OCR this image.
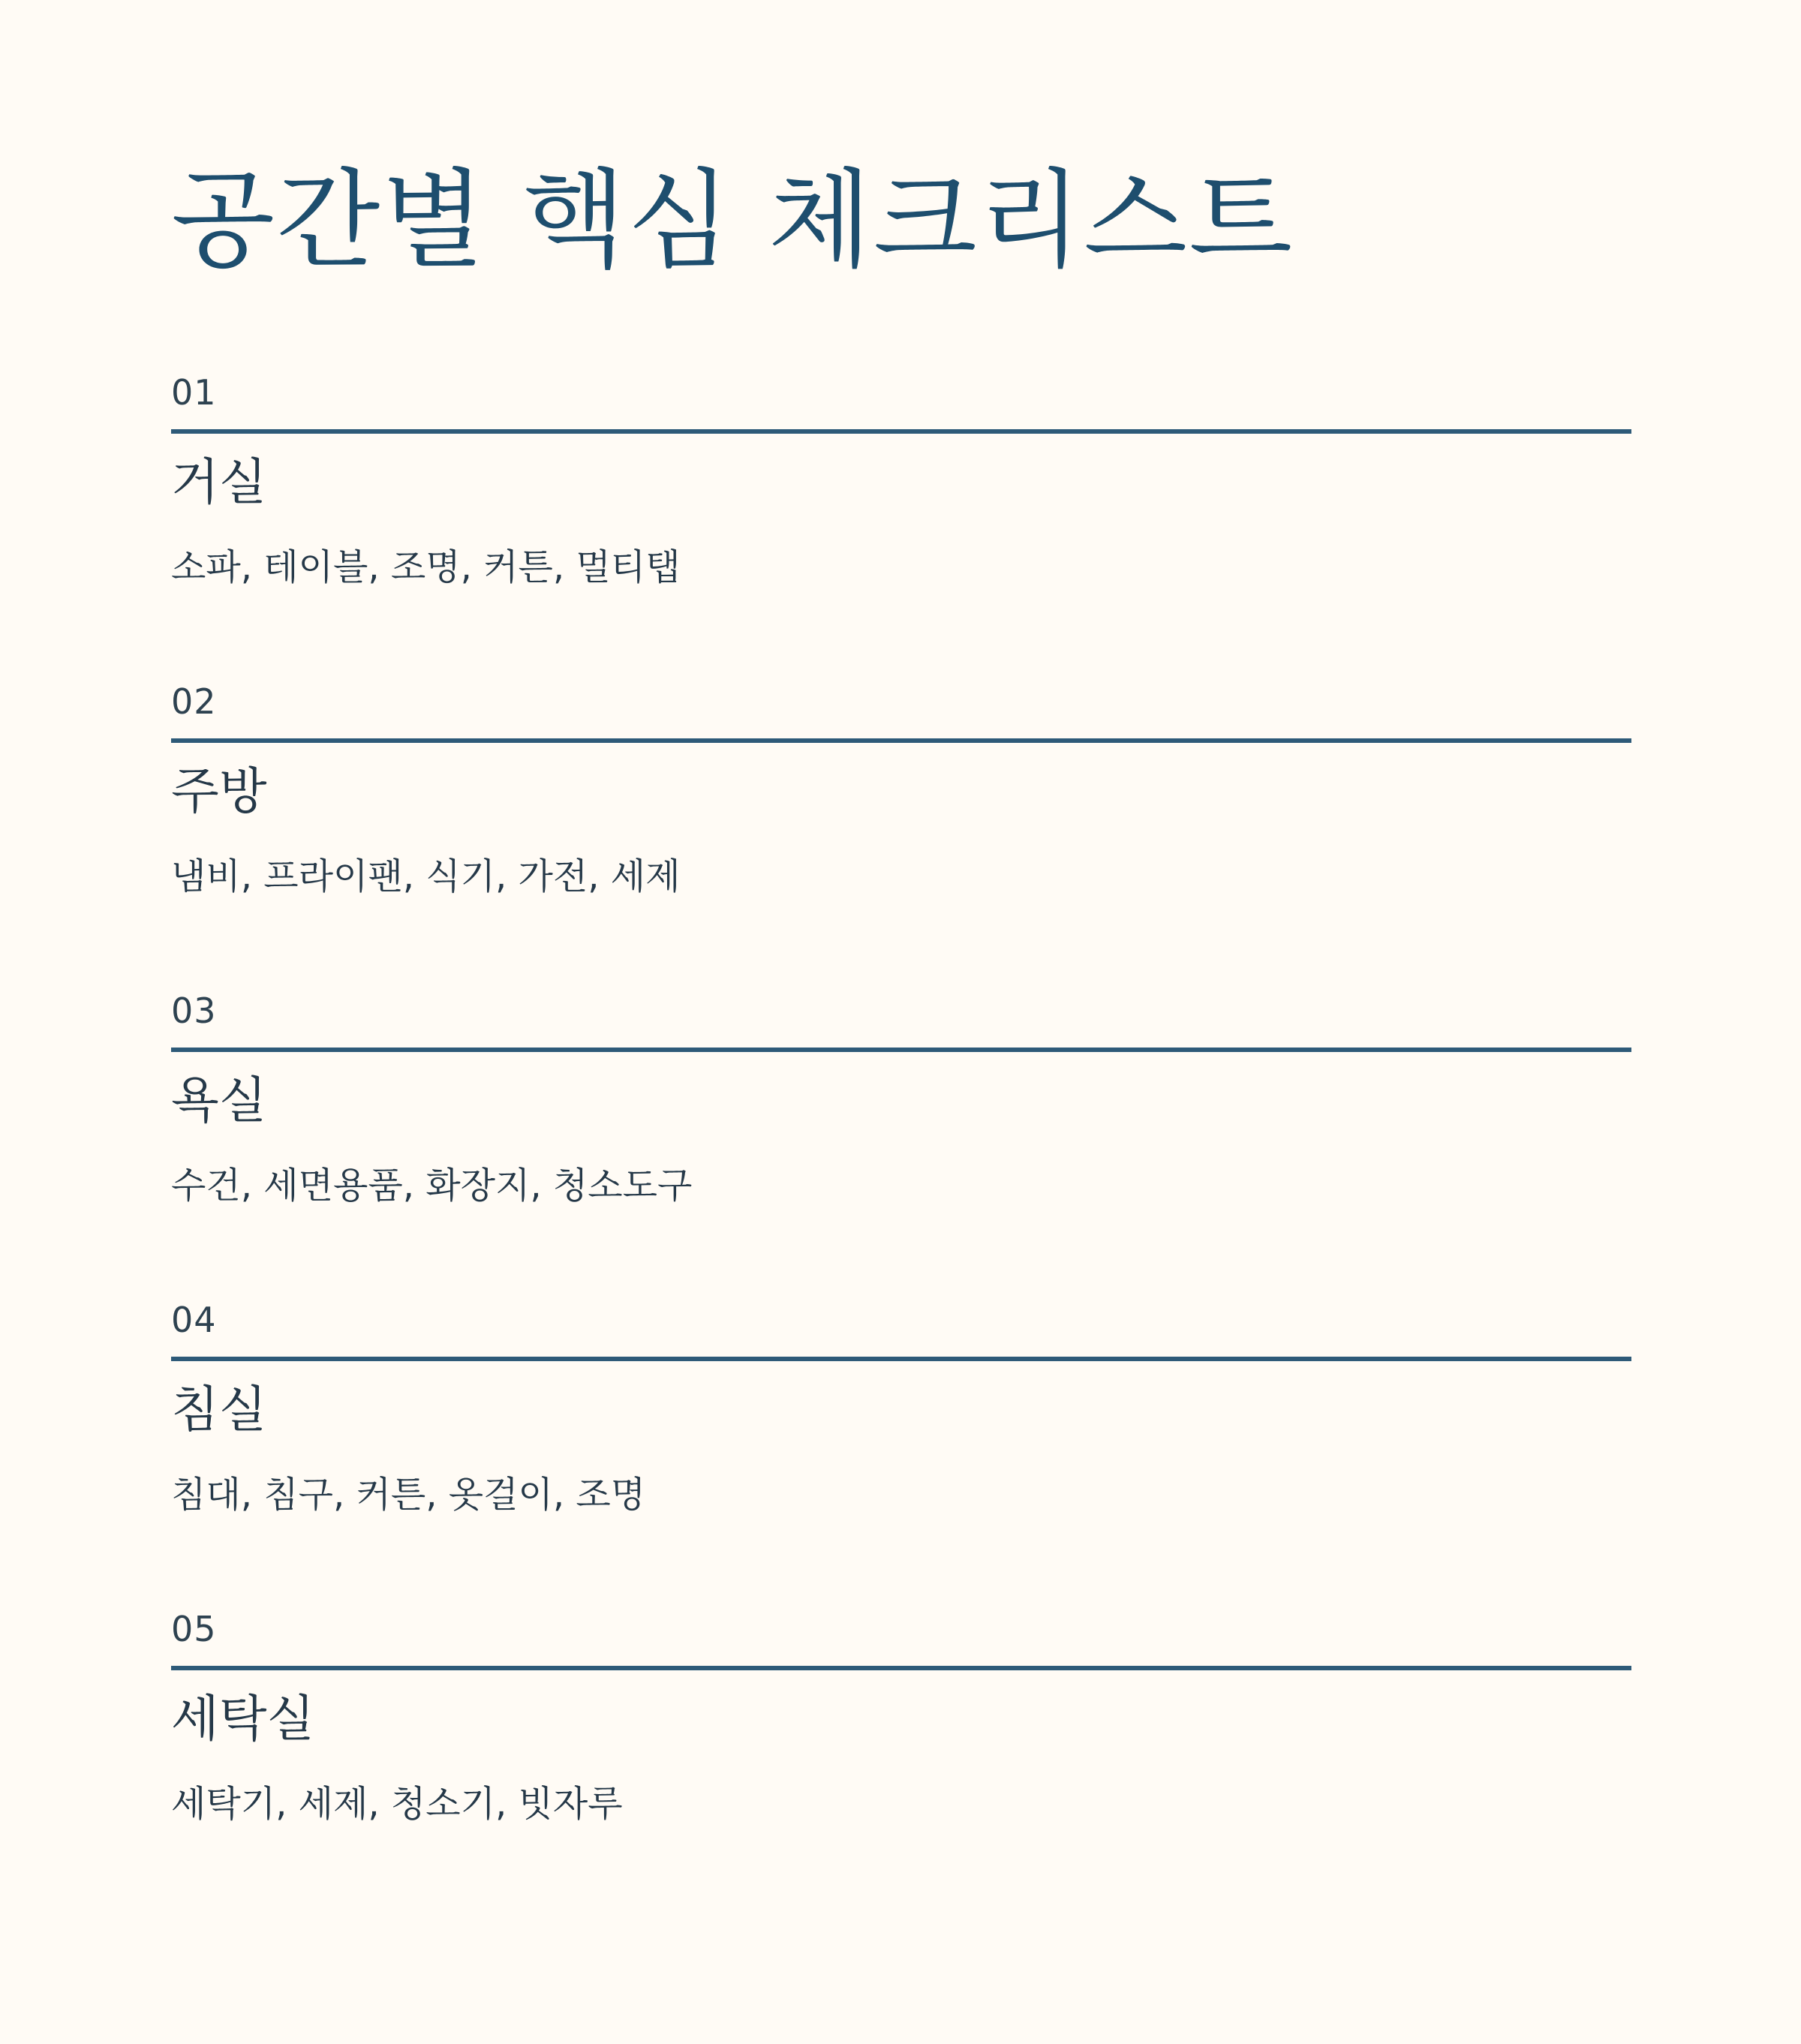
공간별 핵심 체크리스트
01
거실
소파, 테이블, 조명, 커튼, 멀티탭
02
주방
냄비, 프라이팬, 식기, 가전, 세제
03
욕실
수건, 세면용품, 화장지, 청소도구
04
침실
침대, 침구, 커튼, 옷걸이, 조명
05
세탁실
세탁기, 세제, 청소기, 빗자루
